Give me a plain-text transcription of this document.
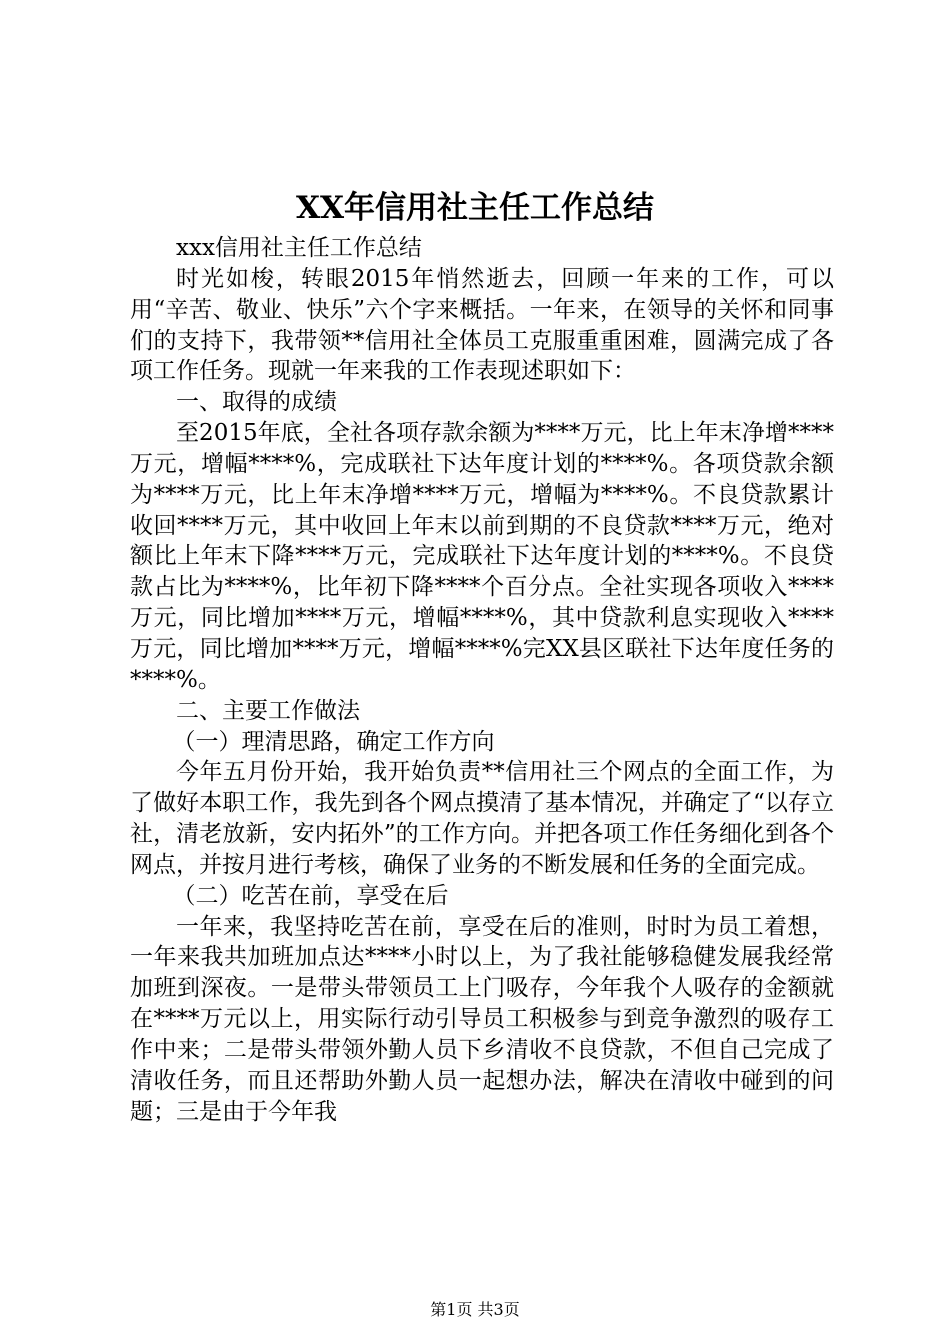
XX年信用社主任工作总结

xxx信用社主任工作总结

时光如梭，转眼2015年悄然逝去，回顾一年来的工作，可以用“辛苦、敬业、快乐”六个字来概括。一年来，在领导的关怀和同事们的支持下，我带领**信用社全体员工克服重重困难，圆满完成了各项工作任务。现就一年来我的工作表现述职如下：

一、取得的成绩

至2015年底，全社各项存款余额为****万元，比上年末净增****万元，增幅****%，完成联社下达年度计划的****%。各项贷款余额为****万元，比上年末净增****万元，增幅为****%。不良贷款累计收回****万元，其中收回上年末以前到期的不良贷款****万元，绝对额比上年末下降****万元，完成联社下达年度计划的****%。不良贷款占比为****%，比年初下降****个百分点。全社实现各项收入****万元，同比增加****万元，增幅****%，其中贷款利息实现收入****万元，同比增加****万元，增幅****%完XX县区联社下达年度任务的****%。

二、主要工作做法

（一）理清思路，确定工作方向

今年五月份开始，我开始负责**信用社三个网点的全面工作，为了做好本职工作，我先到各个网点摸清了基本情况，并确定了“以存立社，清老放新，安内拓外”的工作方向。并把各项工作任务细化到各个网点，并按月进行考核，确保了业务的不断发展和任务的全面完成。

（二）吃苦在前，享受在后

一年来，我坚持吃苦在前，享受在后的准则，时时为员工着想，一年来我共加班加点达****小时以上，为了我社能够稳健发展我经常加班到深夜。一是带头带领员工上门吸存，今年我个人吸存的金额就在****万元以上，用实际行动引导员工积极参与到竞争激烈的吸存工作中来；二是带头带领外勤人员下乡清收不良贷款，不但自己完成了清收任务，而且还帮助外勤人员一起想办法，解决在清收中碰到的问题；三是由于今年我

第1页 共3页
